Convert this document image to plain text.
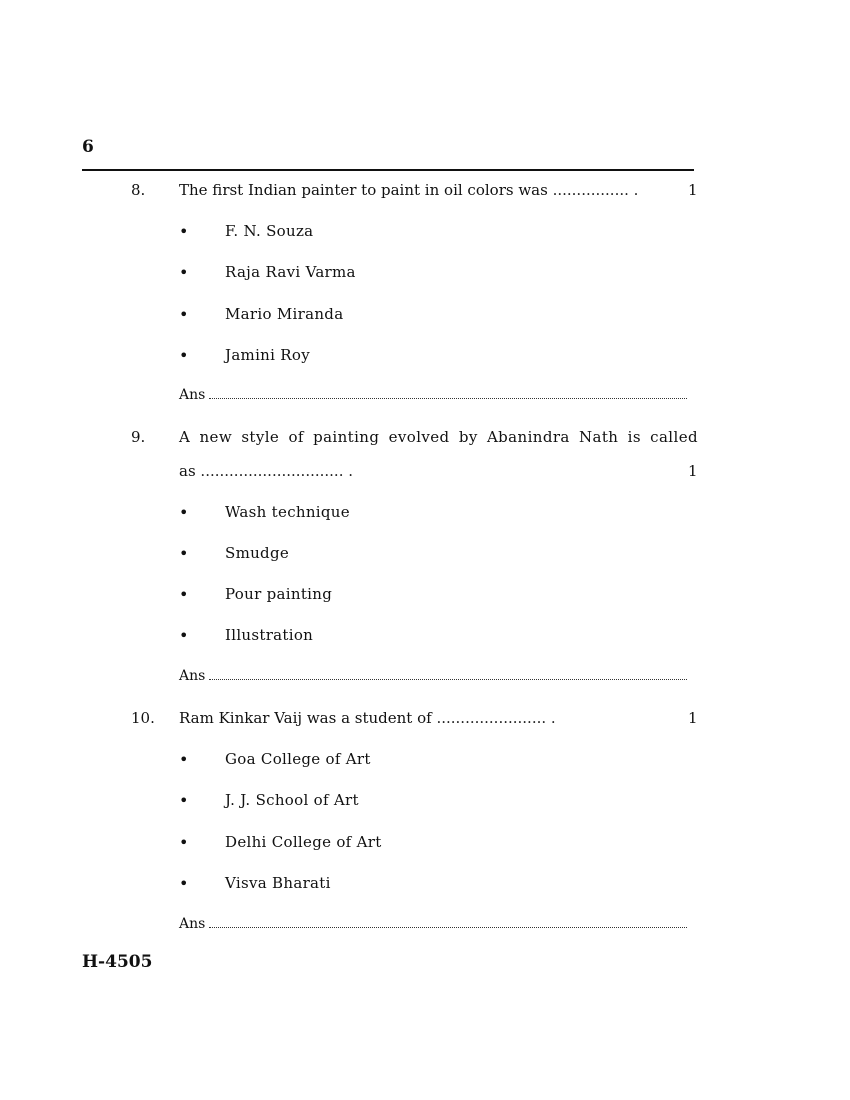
6
8. The first Indian painter to paint in oil colors was ................ .	1
• F. N. Souza
• Raja Ravi Varma
• Mario Miranda
• Jamini Roy
Ans
9. A new style of painting evolved by Abanindra Nath is called
as .............................. .	1
• Wash technique
• Smudge
• Pour painting
• Illustration
Ans
10. Ram Kinkar Vaij was a student of ....................... .	1
• Goa College of Art
• J. J. School of Art
• Delhi College of Art
• Visva Bharati
Ans
H-4505
